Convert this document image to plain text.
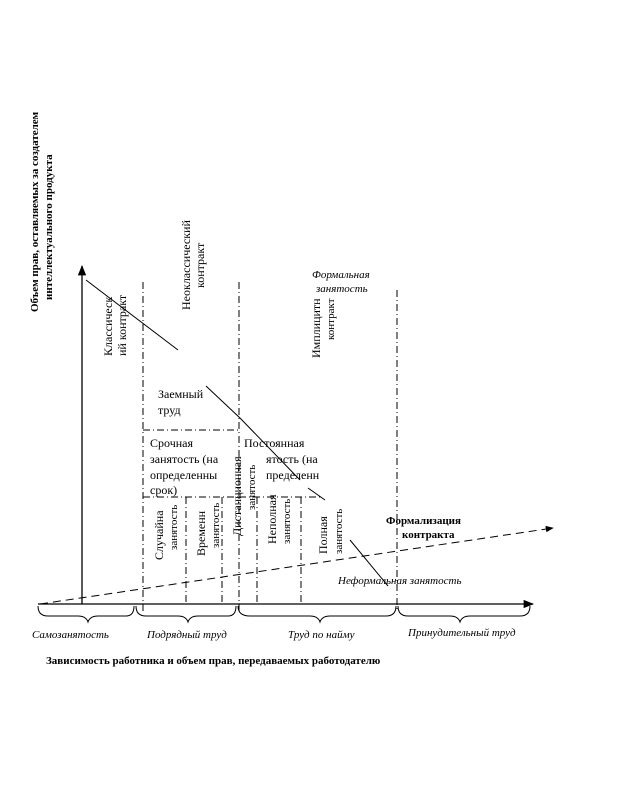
Объем прав, оставляемых за создателем интеллектуального продукта
Самозанятость	Подрядный труд	Труд по найму	Принудительный труд
Зависимость работника и объем прав, передаваемых работодателю
Классическ ий контракт
Неоклассический контракт
Имплицитн контракт
Формальная
занятость
Заемный
труд
Срочная
занятость (на
определенны
срок)
Постоянная
ятость (на
пределенн
Случайна занятость Временн занятость Дистанционная занятость
Неполная занятость Полная занятость	Формализация
контракта
Неформальная занятость
